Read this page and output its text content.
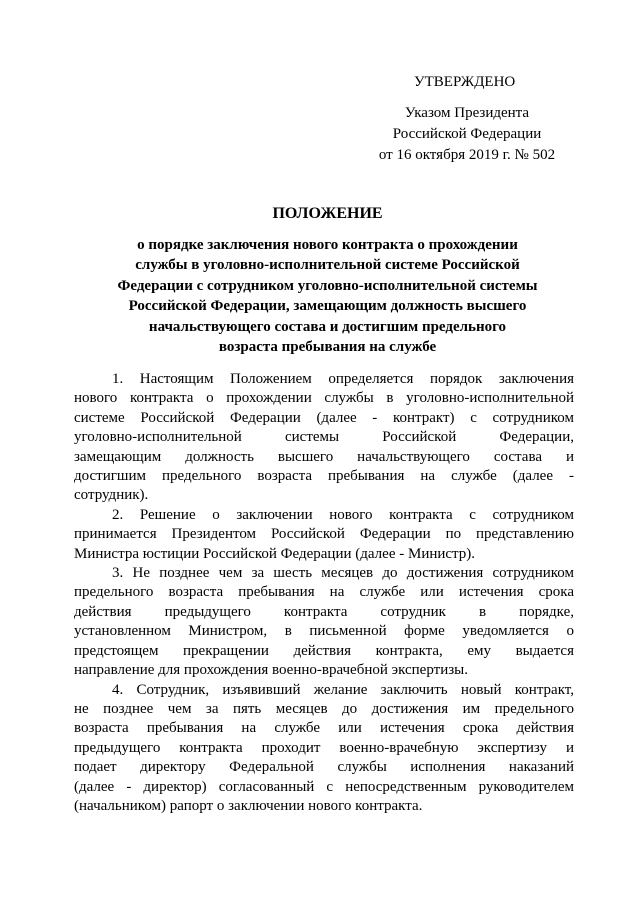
УТВЕРЖДЕНО
Указом Президента
Российской Федерации
от 16 октября 2019 г. № 502
ПОЛОЖЕНИЕ
о порядке заключения нового контракта о прохождении
службы в уголовно-исполнительной системе Российской
Федерации с сотрудником уголовно-исполнительной системы
Российской Федерации, замещающим должность высшего
начальствующего состава и достигшим предельного
возраста пребывания на службе
1. Настоящим Положением определяется порядок заключения
нового контракта о прохождении службы в уголовно-исполнительной
системе Российской Федерации (далее - контракт) с сотрудником
уголовно-исполнительной системы Российской Федерации,
замещающим должность высшего начальствующего состава и
достигшим предельного возраста пребывания на службе (далее -
сотрудник).
2. Решение о заключении нового контракта с сотрудником
принимается Президентом Российской Федерации по представлению
Министра юстиции Российской Федерации (далее - Министр).
3. Не позднее чем за шесть месяцев до достижения сотрудником
предельного возраста пребывания на службе или истечения срока
действия предыдущего контракта сотрудник в порядке,
установленном Министром, в письменной форме уведомляется о
предстоящем прекращении действия контракта, ему выдается
направление для прохождения военно-врачебной экспертизы.
4. Сотрудник, изъявивший желание заключить новый контракт,
не позднее чем за пять месяцев до достижения им предельного
возраста пребывания на службе или истечения срока действия
предыдущего контракта проходит военно-врачебную экспертизу и
подает директору Федеральной службы исполнения наказаний
(далее - директор) согласованный с непосредственным руководителем
(начальником) рапорт о заключении нового контракта.
